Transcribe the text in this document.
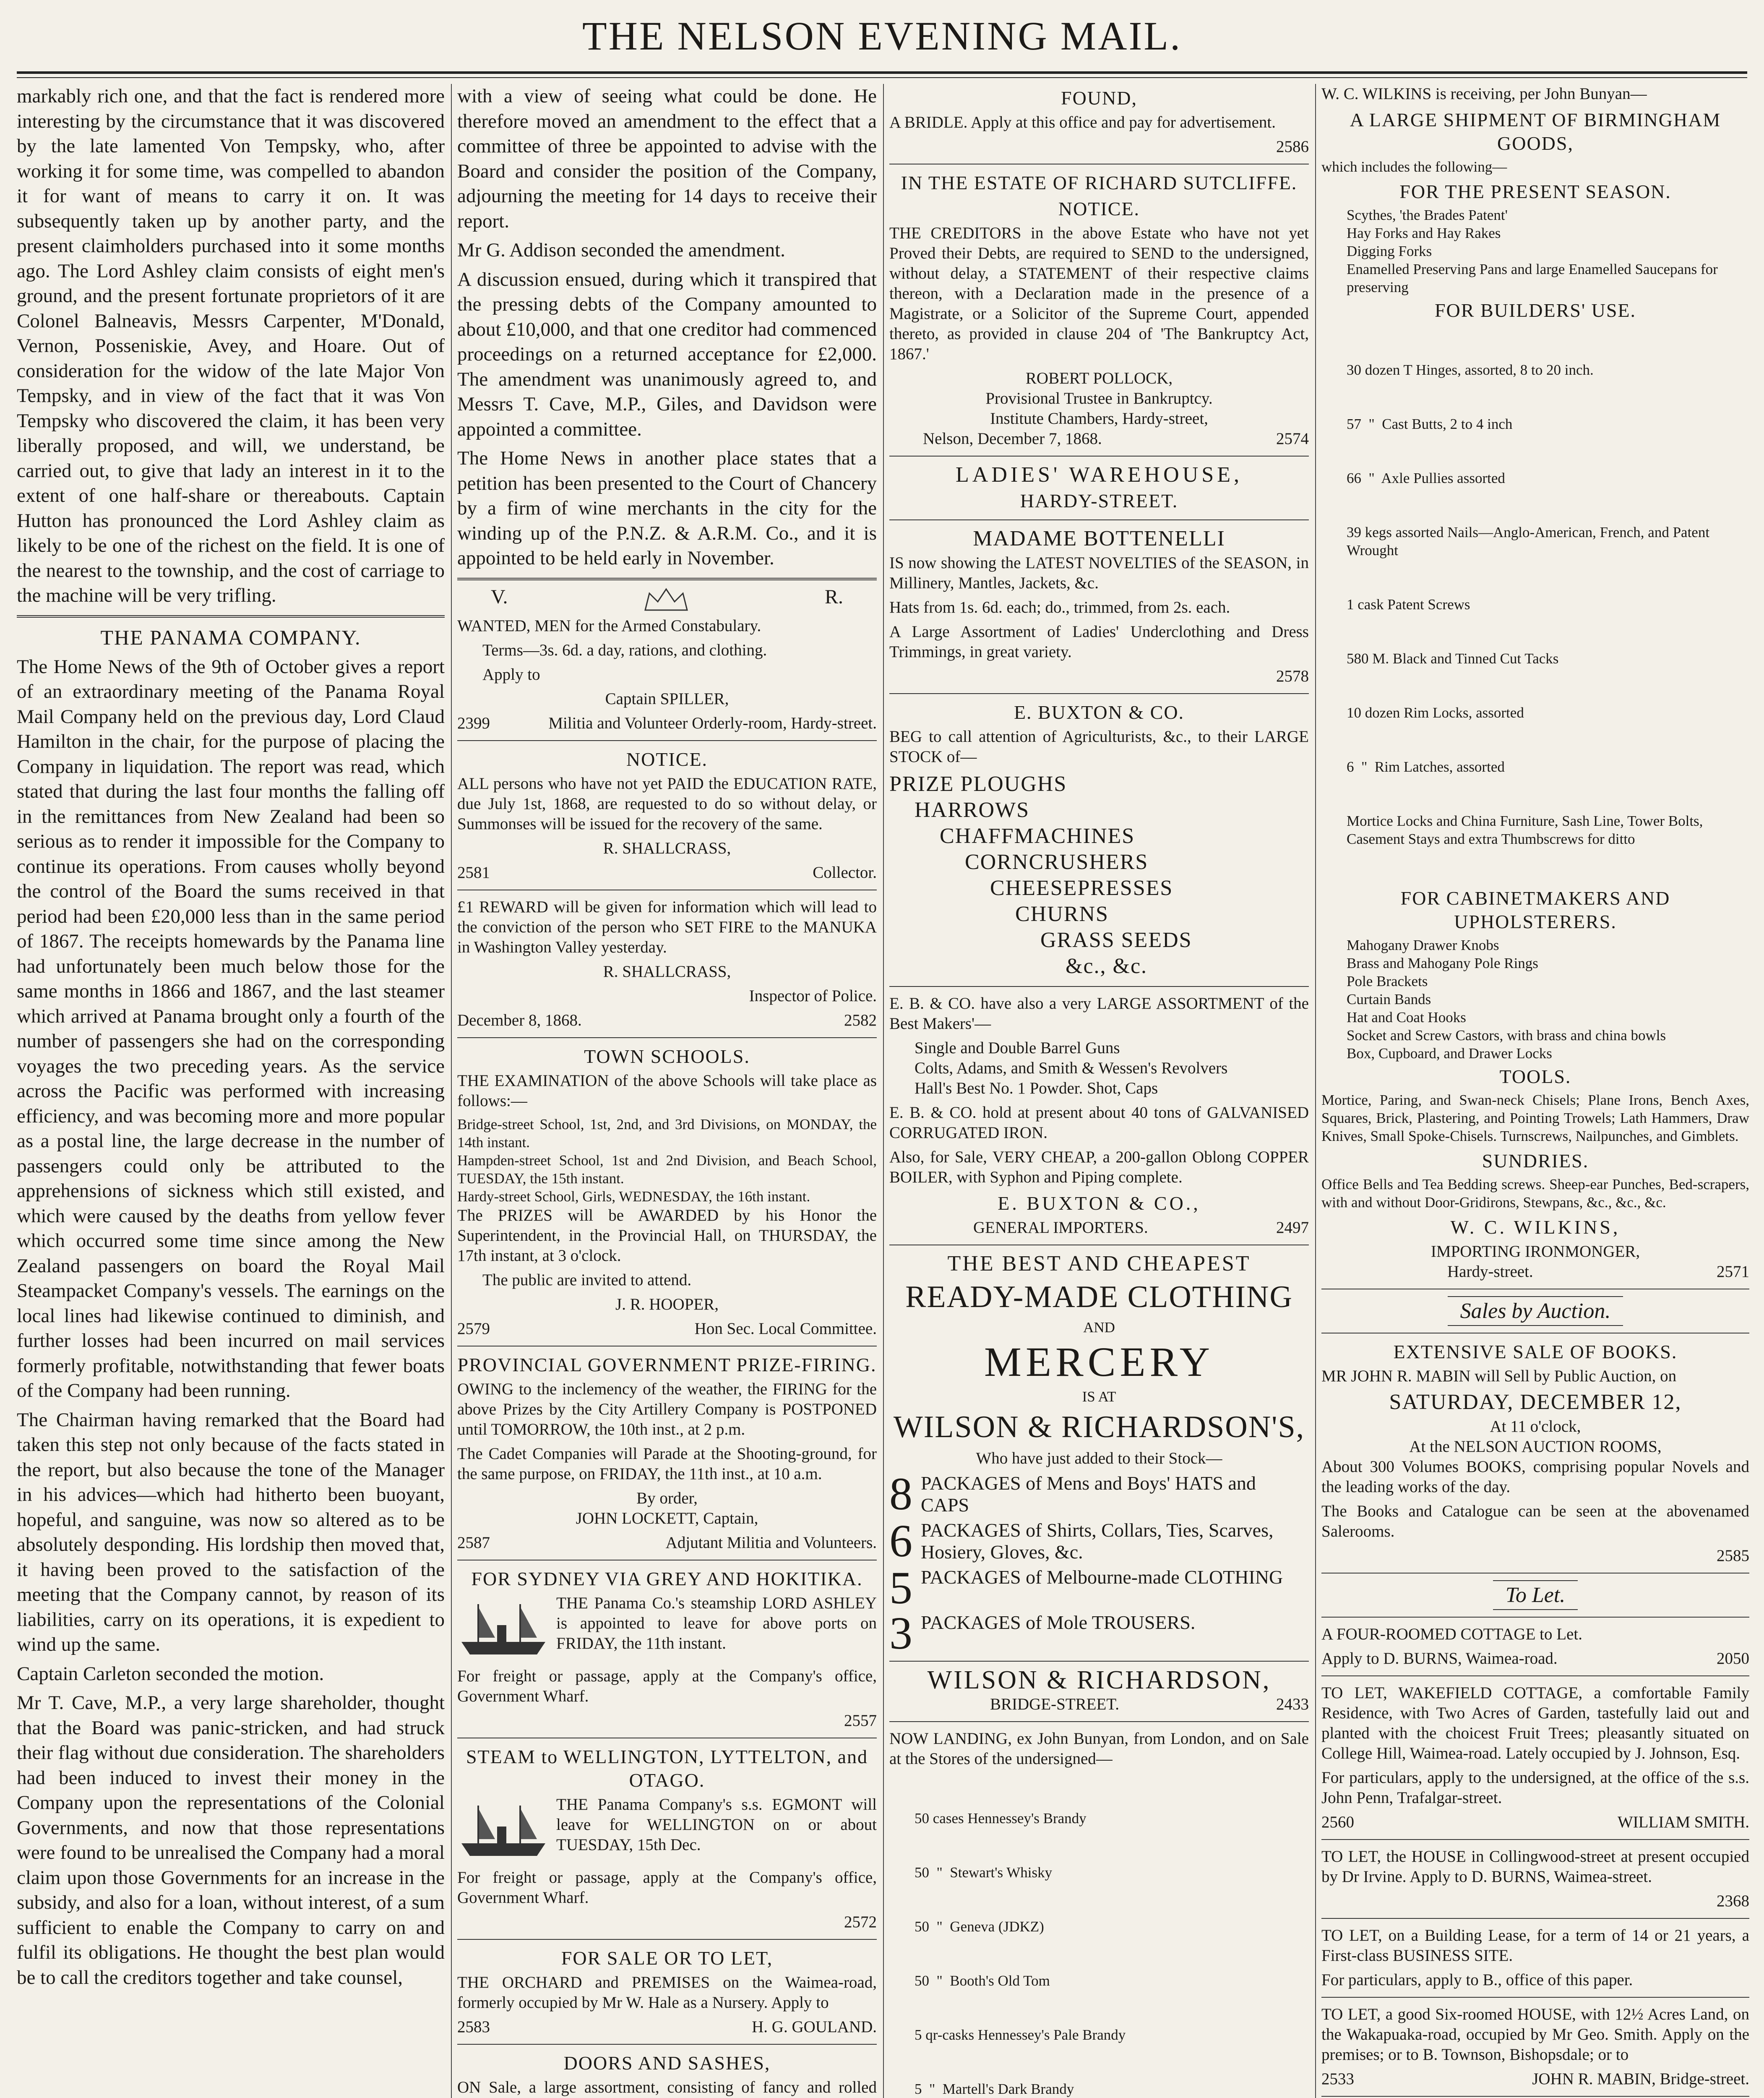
THE NELSON EVENING MAIL.

markably rich one, and that the fact is rendered more interesting by the circumstance that it was discovered by the late lamented Von Tempsky, who, after working it for some time, was compelled to abandon it for want of means to carry it on. It was subsequently taken up by another party, and the present claimholders purchased into it some months ago. The Lord Ashley claim consists of eight men's ground, and the present fortunate proprietors of it are Colonel Balneavis, Messrs Carpenter, M'Donald, Vernon, Posseniskie, Avey, and Hoare. Out of consideration for the widow of the late Major Von Tempsky, and in view of the fact that it was Von Tempsky who discovered the claim, it has been very liberally proposed, and will, we understand, be carried out, to give that lady an interest in it to the extent of one half-share or thereabouts. Captain Hutton has pronounced the Lord Ashley claim as likely to be one of the richest on the field. It is one of the nearest to the township, and the cost of carriage to the machine will be very trifling.

THE PANAMA COMPANY.

The Home News of the 9th of October gives a report of an extraordinary meeting of the Panama Royal Mail Company held on the previous day, Lord Claud Hamilton in the chair, for the purpose of placing the Company in liquidation. The report was read, which stated that during the last four months the falling off in the remittances from New Zealand had been so serious as to render it impossible for the Company to continue its operations. From causes wholly beyond the control of the Board the sums received in that period had been £20,000 less than in the same period of 1867. The receipts homewards by the Panama line had unfortunately been much below those for the same months in 1866 and 1867, and the last steamer which arrived at Panama brought only a fourth of the number of passengers she had on the corresponding voyages the two preceding years. As the service across the Pacific was performed with increasing efficiency, and was becoming more and more popular as a postal line, the large decrease in the number of passengers could only be attributed to the apprehensions of sickness which still existed, and which were caused by the deaths from yellow fever which occurred some time since among the New Zealand passengers on board the Royal Mail Steampacket Company's vessels. The earnings on the local lines had likewise continued to diminish, and further losses had been incurred on mail services formerly profitable, notwithstanding that fewer boats of the Company had been running.

The Chairman having remarked that the Board had taken this step not only because of the facts stated in the report, but also because the tone of the Manager in his advices—which had hitherto been buoyant, hopeful, and sanguine, was now so altered as to be absolutely desponding. His lordship then moved that, it having been proved to the satisfaction of the meeting that the Company cannot, by reason of its liabilities, carry on its operations, it is expedient to wind up the same.

Captain Carleton seconded the motion.

Mr T. Cave, M.P., a very large shareholder, thought that the Board was panic-stricken, and had struck their flag without due consideration. The shareholders had been induced to invest their money in the Company upon the representations of the Colonial Governments, and now that those representations were found to be unrealised the Company had a moral claim upon those Governments for an increase in the subsidy, and also for a loan, without interest, of a sum sufficient to enable the Company to carry on and fulfil its obligations. He thought the best plan would be to call the creditors together and take counsel,

with a view of seeing what could be done. He therefore moved an amendment to the effect that a committee of three be appointed to advise with the Board and consider the position of the Company, adjourning the meeting for 14 days to receive their report.

Mr G. Addison seconded the amendment.

A discussion ensued, during which it transpired that the pressing debts of the Company amounted to about £10,000, and that one creditor had commenced proceedings on a returned acceptance for £2,000. The amendment was unanimously agreed to, and Messrs T. Cave, M.P., Giles, and Davidson were appointed a committee.

The Home News in another place states that a petition has been presented to the Court of Chancery by a firm of wine merchants in the city for the winding up of the P.N.Z. & A.R.M. Co., and it is appointed to be held early in November.

V.	R.

WANTED, MEN for the Armed Constabulary.

Terms—3s. 6d. a day, rations, and clothing.

Apply to

Captain SPILLER,

2399	Militia and Volunteer Orderly-room, Hardy-street.
NOTICE.

ALL persons who have not yet PAID the EDUCATION RATE, due July 1st, 1868, are requested to do so without delay, or Summonses will be issued for the recovery of the same.

R. SHALLCRASS,

2581	Collector.

£1 REWARD will be given for information which will lead to the conviction of the person who SET FIRE to the MANUKA in Washington Valley yesterday.

R. SHALLCRASS,

Inspector of Police.

December 8, 1868.	2582
TOWN SCHOOLS.

THE EXAMINATION of the above Schools will take place as follows:—

Bridge-street School, 1st, 2nd, and 3rd Divisions, on MONDAY, the 14th instant.

Hampden-street School, 1st and 2nd Division, and Beach School, TUESDAY, the 15th instant.

Hardy-street School, Girls, WEDNESDAY, the 16th instant.

The PRIZES will be AWARDED by his Honor the Superintendent, in the Provincial Hall, on THURSDAY, the 17th instant, at 3 o'clock.

The public are invited to attend.

J. R. HOOPER,

2579	Hon Sec. Local Committee.
PROVINCIAL GOVERNMENT PRIZE-FIRING.

OWING to the inclemency of the weather, the FIRING for the above Prizes by the City Artillery Company is POSTPONED until TOMORROW, the 10th inst., at 2 p.m.

The Cadet Companies will Parade at the Shooting-ground, for the same purpose, on FRIDAY, the 11th inst., at 10 a.m.

By order,

JOHN LOCKETT, Captain,

2587	Adjutant Militia and Volunteers.
FOR SYDNEY VIA GREY AND HOKITIKA.

THE Panama Co.'s steamship LORD ASHLEY is appointed to leave for above ports on FRIDAY, the 11th instant.

For freight or passage, apply at the Company's office, Government Wharf.

2557

STEAM to WELLINGTON, LYTTELTON, and OTAGO.

THE Panama Company's s.s. EGMONT will leave for WELLINGTON on or about TUESDAY, 15th Dec.

For freight or passage, apply at the Company's office, Government Wharf.

2572

FOR SALE OR TO LET,

THE ORCHARD and PREMISES on the Waimea-road, formerly occupied by Mr W. Hale as a Nursery. Apply to

2583	H. G. GOULAND.
DOORS AND SASHES,

ON Sale, a large assortment, consisting of fancy and rolled

FOUND,

A BRIDLE. Apply at this office and pay for advertisement.

2586

IN THE ESTATE OF RICHARD SUTCLIFFE.
NOTICE.

THE CREDITORS in the above Estate who have not yet Proved their Debts, are required to SEND to the undersigned, without delay, a STATEMENT of their respective claims thereon, with a Declaration made in the presence of a Magistrate, or a Solicitor of the Supreme Court, appended thereto, as provided in clause 204 of 'The Bankruptcy Act, 1867.'

ROBERT POLLOCK,

Provisional Trustee in Bankruptcy.

Institute Chambers, Hardy-street,

Nelson, December 7, 1868.	2574
LADIES' WAREHOUSE,
HARDY-STREET.
MADAME BOTTENELLI

IS now showing the LATEST NOVELTIES of the SEASON, in Millinery, Mantles, Jackets, &c.

Hats from 1s. 6d. each; do., trimmed, from 2s. each.

A Large Assortment of Ladies' Underclothing and Dress Trimmings, in great variety.

2578

E. BUXTON & CO.

BEG to call attention of Agriculturists, &c., to their LARGE STOCK of—

PRIZE PLOUGHS
HARROWS
CHAFFMACHINES
CORNCRUSHERS
CHEESEPRESSES
CHURNS
GRASS SEEDS
&c., &c.

E. B. & CO. have also a very LARGE ASSORTMENT of the Best Makers'—

Single and Double Barrel Guns

Colts, Adams, and Smith & Wessen's Revolvers

Hall's Best No. 1 Powder. Shot, Caps

E. B. & CO. hold at present about 40 tons of GALVANISED CORRUGATED IRON.

Also, for Sale, VERY CHEAP, a 200-gallon Oblong COPPER BOILER, with Syphon and Piping complete.

E. BUXTON & CO.,
GENERAL IMPORTERS.	2497
THE BEST AND CHEAPEST
READY-MADE CLOTHING
AND
MERCERY
IS AT
WILSON & RICHARDSON'S,

Who have just added to their Stock—

8 PACKAGES of Mens and Boys' HATS and CAPS
6 PACKAGES of Shirts, Collars, Ties, Scarves, Hosiery, Gloves, &c.
5 PACKAGES of Melbourne-made CLOTHING
3 PACKAGES of Mole TROUSERS.
WILSON & RICHARDSON,
BRIDGE-STREET.	2433

NOW LANDING, ex John Bunyan, from London, and on Sale at the Stores of the undersigned—

50 cases Hennessey's Brandy

50  "  Stewart's Whisky

50  "  Geneva (JDKZ)

50  "  Booth's Old Tom

5 qr-casks Hennessey's Pale Brandy

5  "  Martell's Dark Brandy

W. C. WILKINS is receiving, per John Bunyan—

A LARGE SHIPMENT OF BIRMINGHAM GOODS,

which includes the following—

FOR THE PRESENT SEASON.
Scythes, 'the Brades Patent'
Hay Forks and Hay Rakes
Digging Forks
Enamelled Preserving Pans and large Enamelled Saucepans for preserving
FOR BUILDERS' USE.

30 dozen T Hinges, assorted, 8 to 20 inch.

57  "  Cast Butts, 2 to 4 inch

66  "  Axle Pullies assorted

39 kegs assorted Nails—Anglo-American, French, and Patent Wrought

1 cask Patent Screws

580 M. Black and Tinned Cut Tacks

10 dozen Rim Locks, assorted

6  "  Rim Latches, assorted

Mortice Locks and China Furniture, Sash Line, Tower Bolts, Casement Stays and extra Thumbscrews for ditto

FOR CABINETMAKERS AND UPHOLSTERERS.
Mahogany Drawer Knobs
Brass and Mahogany Pole Rings
Pole Brackets
Curtain Bands
Hat and Coat Hooks
Socket and Screw Castors, with brass and china bowls
Box, Cupboard, and Drawer Locks
TOOLS.

Mortice, Paring, and Swan-neck Chisels; Plane Irons, Bench Axes, Squares, Brick, Plastering, and Pointing Trowels; Lath Hammers, Draw Knives, Small Spoke-Chisels. Turnscrews, Nailpunches, and Gimblets.

SUNDRIES.

Office Bells and Tea Bedding screws. Sheep-ear Punches, Bed-scrapers, with and without Door-Gridirons, Stewpans, &c., &c., &c.

W. C. WILKINS,

IMPORTING IRONMONGER,

Hardy-street.	2571
Sales by Auction.
EXTENSIVE SALE OF BOOKS.

MR JOHN R. MABIN will Sell by Public Auction, on

SATURDAY, DECEMBER 12,

At 11 o'clock,

At the NELSON AUCTION ROOMS,

About 300 Volumes BOOKS, comprising popular Novels and the leading works of the day.

The Books and Catalogue can be seen at the abovenamed Salerooms.

2585

To Let.

A FOUR-ROOMED COTTAGE to Let.

Apply to D. BURNS, Waimea-road.	2050

TO LET, WAKEFIELD COTTAGE, a comfortable Family Residence, with Two Acres of Garden, tastefully laid out and planted with the choicest Fruit Trees; pleasantly situated on College Hill, Waimea-road. Lately occupied by J. Johnson, Esq.

For particulars, apply to the undersigned, at the office of the s.s. John Penn, Trafalgar-street.

2560	WILLIAM SMITH.

TO LET, the HOUSE in Collingwood-street at present occupied by Dr Irvine. Apply to D. BURNS, Waimea-street.

2368

TO LET, on a Building Lease, for a term of 14 or 21 years, a First-class BUSINESS SITE.

For particulars, apply to B., office of this paper.

TO LET, a good Six-roomed HOUSE, with 12½ Acres Land, on the Wakapuaka-road, occupied by Mr Geo. Smith. Apply on the premises; or to B. Townson, Bishopsdale; or to

2533	JOHN R. MABIN, Bridge-street.
